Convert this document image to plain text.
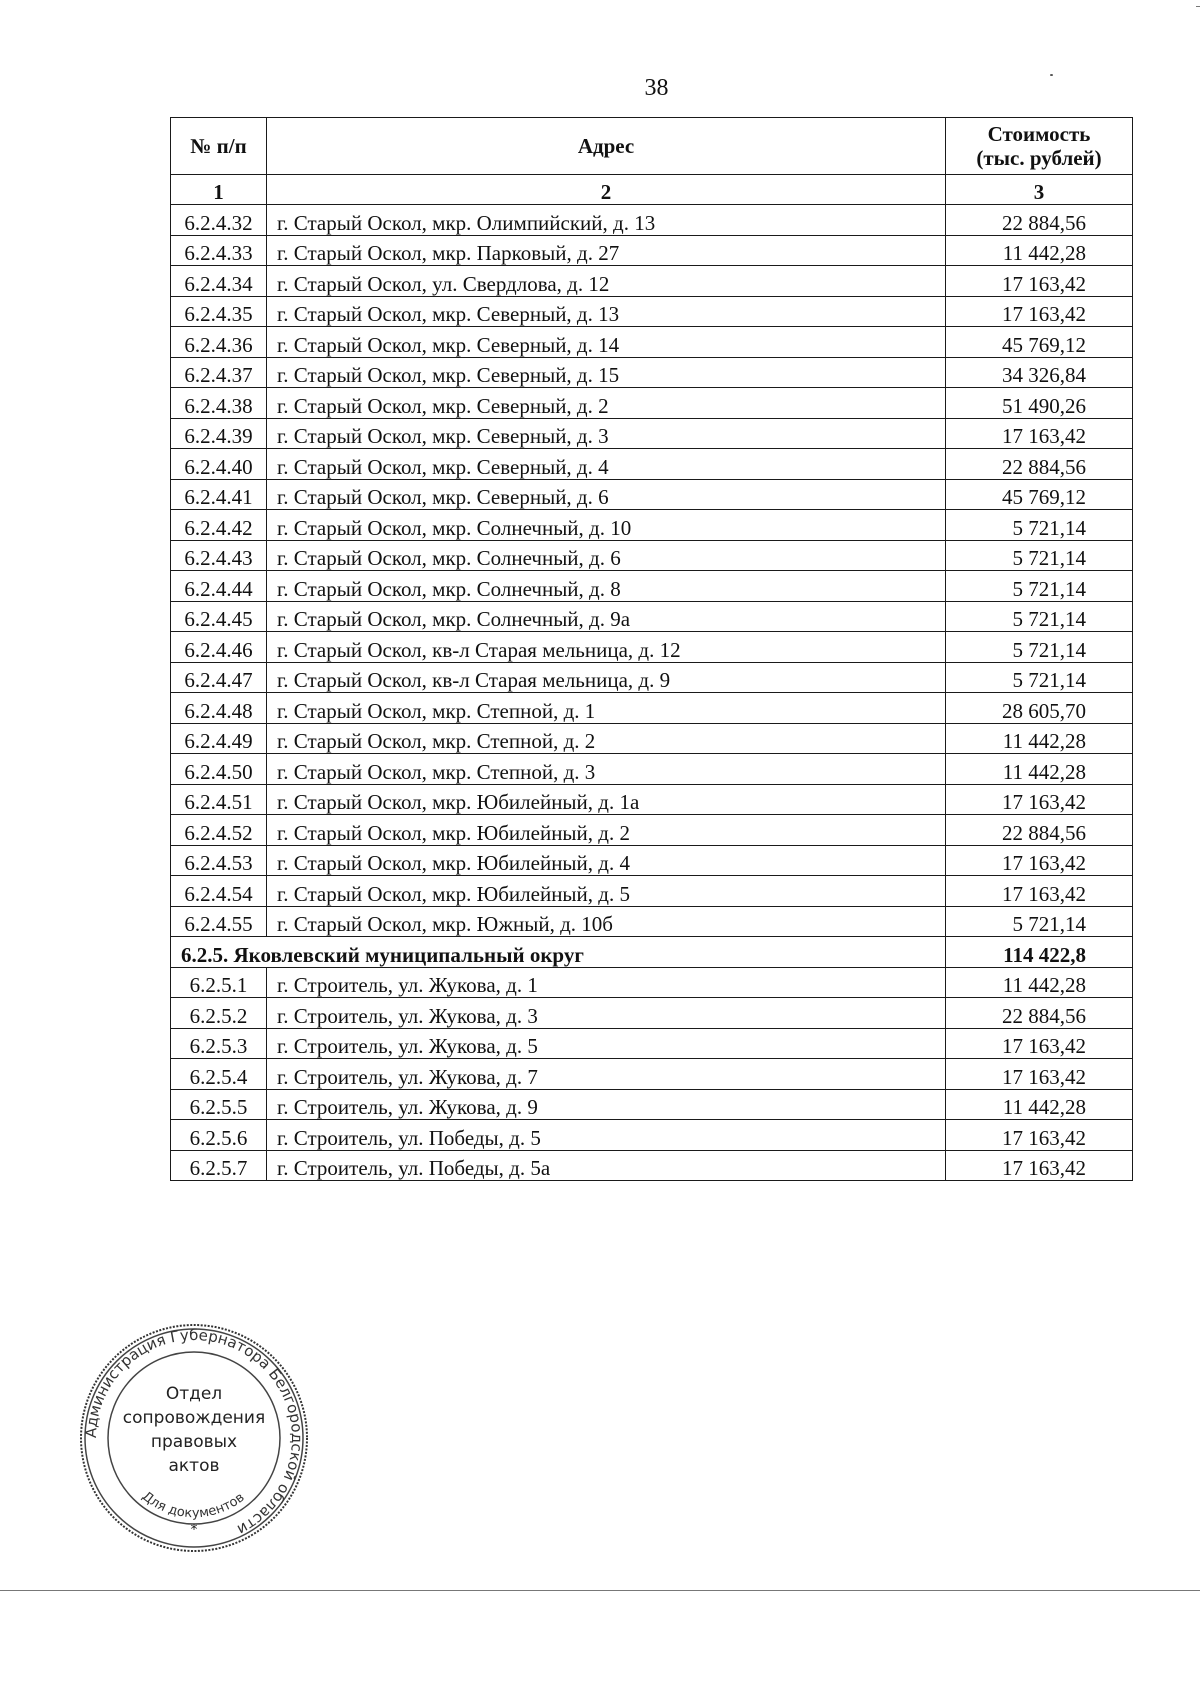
38
№ п/п	Адрес	Стоимость
(тыс. рублей)

1	2	3
6.2.4.32	г. Старый Оскол, мкр. Олимпийский, д. 13	22 884,56
6.2.4.33	г. Старый Оскол, мкр. Парковый, д. 27	11 442,28
6.2.4.34	г. Старый Оскол, ул. Свердлова, д. 12	17 163,42
6.2.4.35	г. Старый Оскол, мкр. Северный, д. 13	17 163,42
6.2.4.36	г. Старый Оскол, мкр. Северный, д. 14	45 769,12
6.2.4.37	г. Старый Оскол, мкр. Северный, д. 15	34 326,84
6.2.4.38	г. Старый Оскол, мкр. Северный, д. 2	51 490,26
6.2.4.39	г. Старый Оскол, мкр. Северный, д. 3	17 163,42
6.2.4.40	г. Старый Оскол, мкр. Северный, д. 4	22 884,56
6.2.4.41	г. Старый Оскол, мкр. Северный, д. 6	45 769,12
6.2.4.42	г. Старый Оскол, мкр. Солнечный, д. 10	5 721,14
6.2.4.43	г. Старый Оскол, мкр. Солнечный, д. 6	5 721,14
6.2.4.44	г. Старый Оскол, мкр. Солнечный, д. 8	5 721,14
6.2.4.45	г. Старый Оскол, мкр. Солнечный, д. 9а	5 721,14
6.2.4.46	г. Старый Оскол, кв-л Старая мельница, д. 12	5 721,14
6.2.4.47	г. Старый Оскол, кв-л Старая мельница, д. 9	5 721,14
6.2.4.48	г. Старый Оскол, мкр. Степной, д. 1	28 605,70
6.2.4.49	г. Старый Оскол, мкр. Степной, д. 2	11 442,28
6.2.4.50	г. Старый Оскол, мкр. Степной, д. 3	11 442,28
6.2.4.51	г. Старый Оскол, мкр. Юбилейный, д. 1а	17 163,42
6.2.4.52	г. Старый Оскол, мкр. Юбилейный, д. 2	22 884,56
6.2.4.53	г. Старый Оскол, мкр. Юбилейный, д. 4	17 163,42
6.2.4.54	г. Старый Оскол, мкр. Юбилейный, д. 5	17 163,42
6.2.4.55	г. Старый Оскол, мкр. Южный, д. 10б	5 721,14
6.2.5. Яковлевский муниципальный округ		114 422,8
6.2.5.1	г. Строитель, ул. Жукова, д. 1	11 442,28
6.2.5.2	г. Строитель, ул. Жукова, д. 3	22 884,56
6.2.5.3	г. Строитель, ул. Жукова, д. 5	17 163,42
6.2.5.4	г. Строитель, ул. Жукова, д. 7	17 163,42
6.2.5.5	г. Строитель, ул. Жукова, д. 9	11 442,28
6.2.5.6	г. Строитель, ул. Победы, д. 5	17 163,42
6.2.5.7	г. Строитель, ул. Победы, д. 5а	17 163,42
Администрация Губернатора Белгородской области
Для документов
Отдел
сопровождения
правовых
актов
*
